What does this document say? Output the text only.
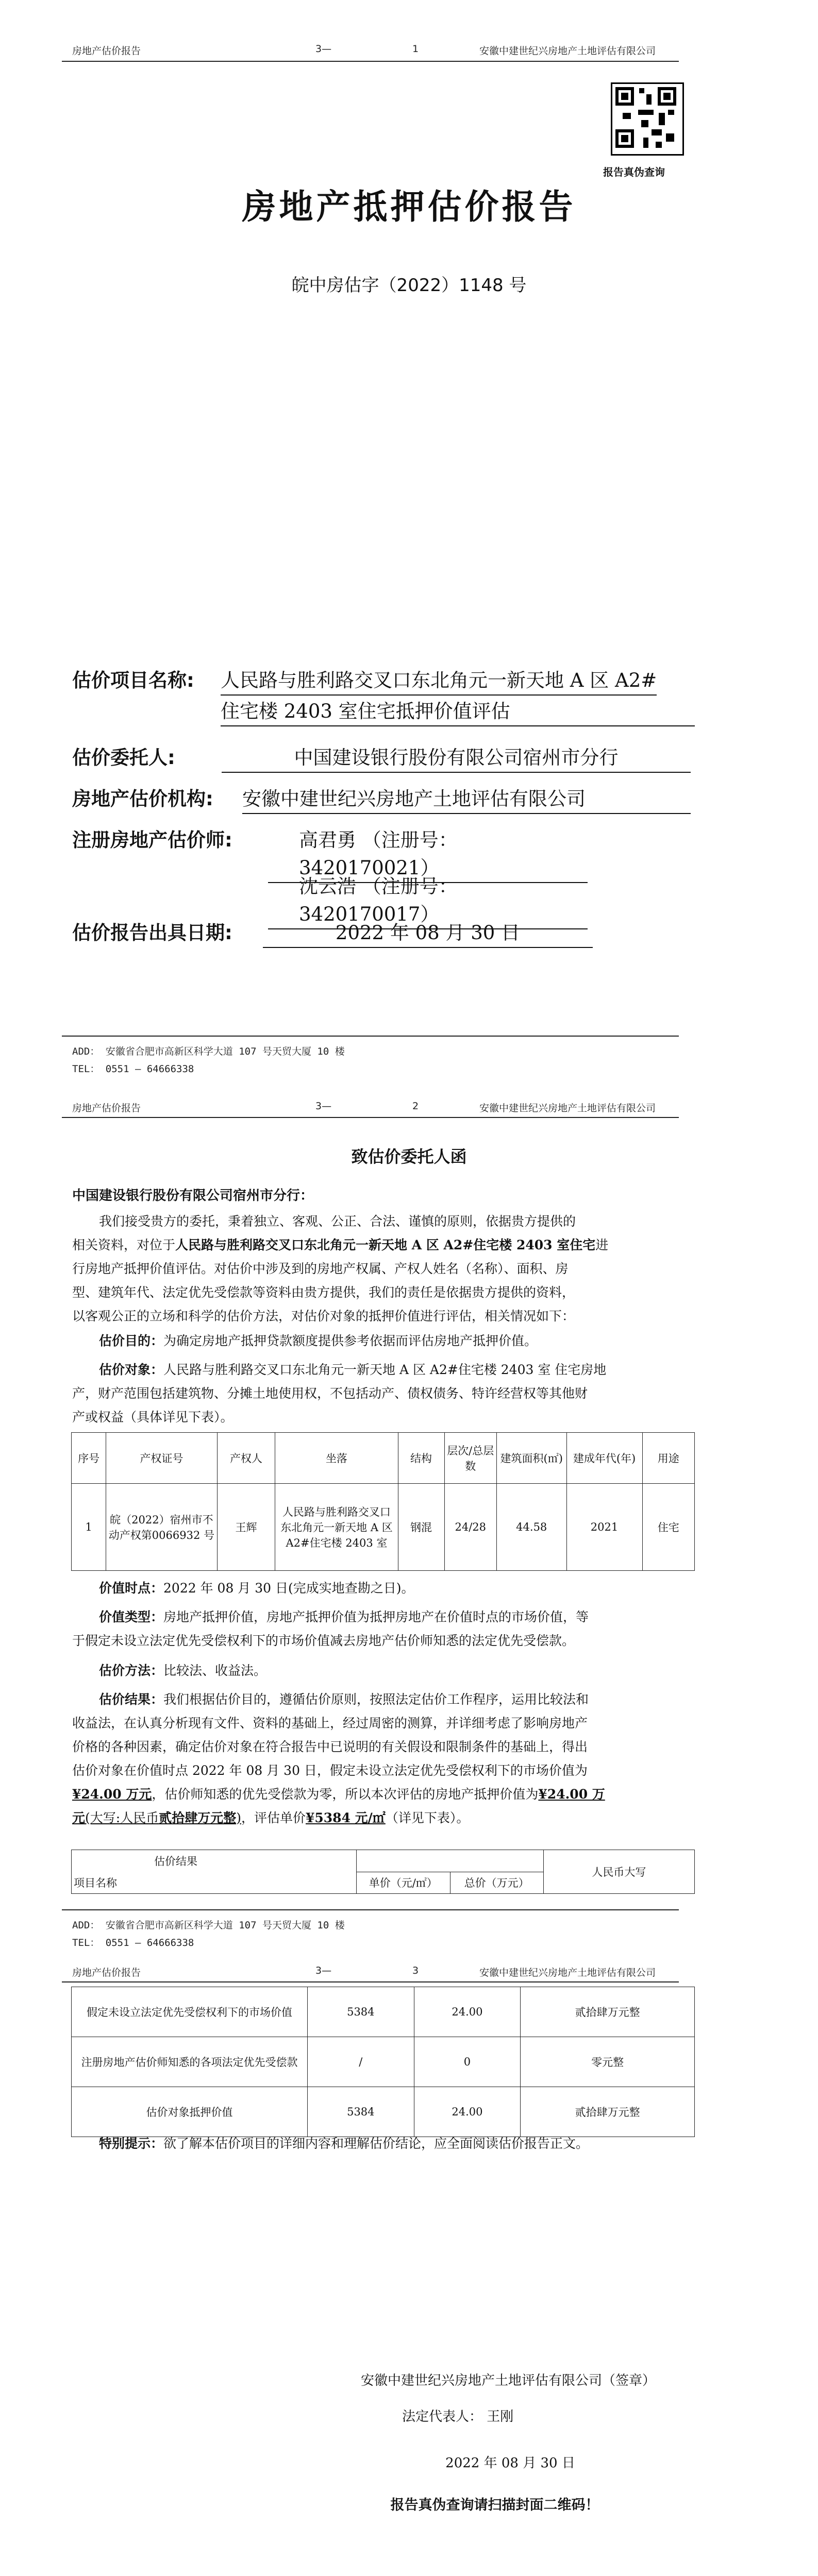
房地产估价报告	3—	1	安徽中建世纪兴房地产土地评估有限公司
报告真伪查询
房地产抵押估价报告
皖中房估字（2022）1148 号
估价项目名称: 人民路与胜利路交叉口东北角元一新天地 A 区 A2#
住宅楼 2403 室住宅抵押价值评估
估价委托人:	中国建设银行股份有限公司宿州市分行
房地产估价机构: 安徽中建世纪兴房地产土地评估有限公司
注册房地产估价师:	高君勇 （注册号：3420170021）
沈云浩 （注册号：3420170017）
估价报告出具日期:	2022 年 08 月 30 日
ADD： 安徽省合肥市高新区科学大道 107 号天贸大厦 10 楼
TEL： 0551 — 64666338
房地产估价报告	3—	2	安徽中建世纪兴房地产土地评估有限公司
致估价委托人函
中国建设银行股份有限公司宿州市分行：
我们接受贵方的委托，秉着独立、客观、公正、合法、谨慎的原则，依据贵方提供的
相关资料，对位于人民路与胜利路交叉口东北角元一新天地 A 区 A2#住宅楼 2403 室住宅进
行房地产抵押价值评估。对估价中涉及到的房地产权属、产权人姓名（名称）、面积、房
型、建筑年代、法定优先受偿款等资料由贵方提供，我们的责任是依据贵方提供的资料，
以客观公正的立场和科学的估价方法，对估价对象的抵押价值进行评估，相关情况如下：
估价目的：为确定房地产抵押贷款额度提供参考依据而评估房地产抵押价值。
估价对象：人民路与胜利路交叉口东北角元一新天地 A 区 A2#住宅楼 2403 室 住宅房地
产，财产范围包括建筑物、分摊土地使用权，不包括动产、债权债务、特许经营权等其他财
产或权益（具体详见下表）。
序号	产权证号	产权人	坐落	结构	层次/总层数	建筑面积(㎡)	建成年代(年)	用途
1	皖（2022）宿州市不动产权第0066932 号	王辉	人民路与胜利路交叉口东北角元一新天地 A 区 A2#住宅楼 2403 室	钢混	24/28	44.58	2021	住宅
价值时点：2022 年 08 月 30 日(完成实地查勘之日)。
价值类型：房地产抵押价值，房地产抵押价值为抵押房地产在价值时点的市场价值，等
于假定未设立法定优先受偿权利下的市场价值减去房地产估价师知悉的法定优先受偿款。
估价方法：比较法、收益法。
估价结果：我们根据估价目的，遵循估价原则，按照法定估价工作程序，运用比较法和
收益法，在认真分析现有文件、资料的基础上，经过周密的测算，并详细考虑了影响房地产
价格的各种因素，确定估价对象在符合报告中已说明的有关假设和限制条件的基础上，得出
估价对象在价值时点 2022 年 08 月 30 日，假定未设立法定优先受偿权利下的市场价值为
¥24.00 万元，估价师知悉的优先受偿款为零，所以本次评估的房地产抵押价值为¥24.00 万
元(大写:人民币贰拾肆万元整)，评估单价¥5384 元/㎡（详见下表）。
估价结果			人民币大写
项目名称	单价（元/㎡）	总价（万元）	
ADD： 安徽省合肥市高新区科学大道 107 号天贸大厦 10 楼
TEL： 0551 — 64666338
房地产估价报告	3—	3	安徽中建世纪兴房地产土地评估有限公司
假定未设立法定优先受偿权利下的市场价值	5384	24.00	贰拾肆万元整
注册房地产估价师知悉的各项法定优先受偿款	/	0	零元整
估价对象抵押价值	5384	24.00	贰拾肆万元整
特别提示：欲了解本估价项目的详细内容和理解估价结论，应全面阅读估价报告正文。
安徽中建世纪兴房地产土地评估有限公司（签章）
法定代表人： 王刚
2022 年 08 月 30 日
报告真伪查询请扫描封面二维码！
